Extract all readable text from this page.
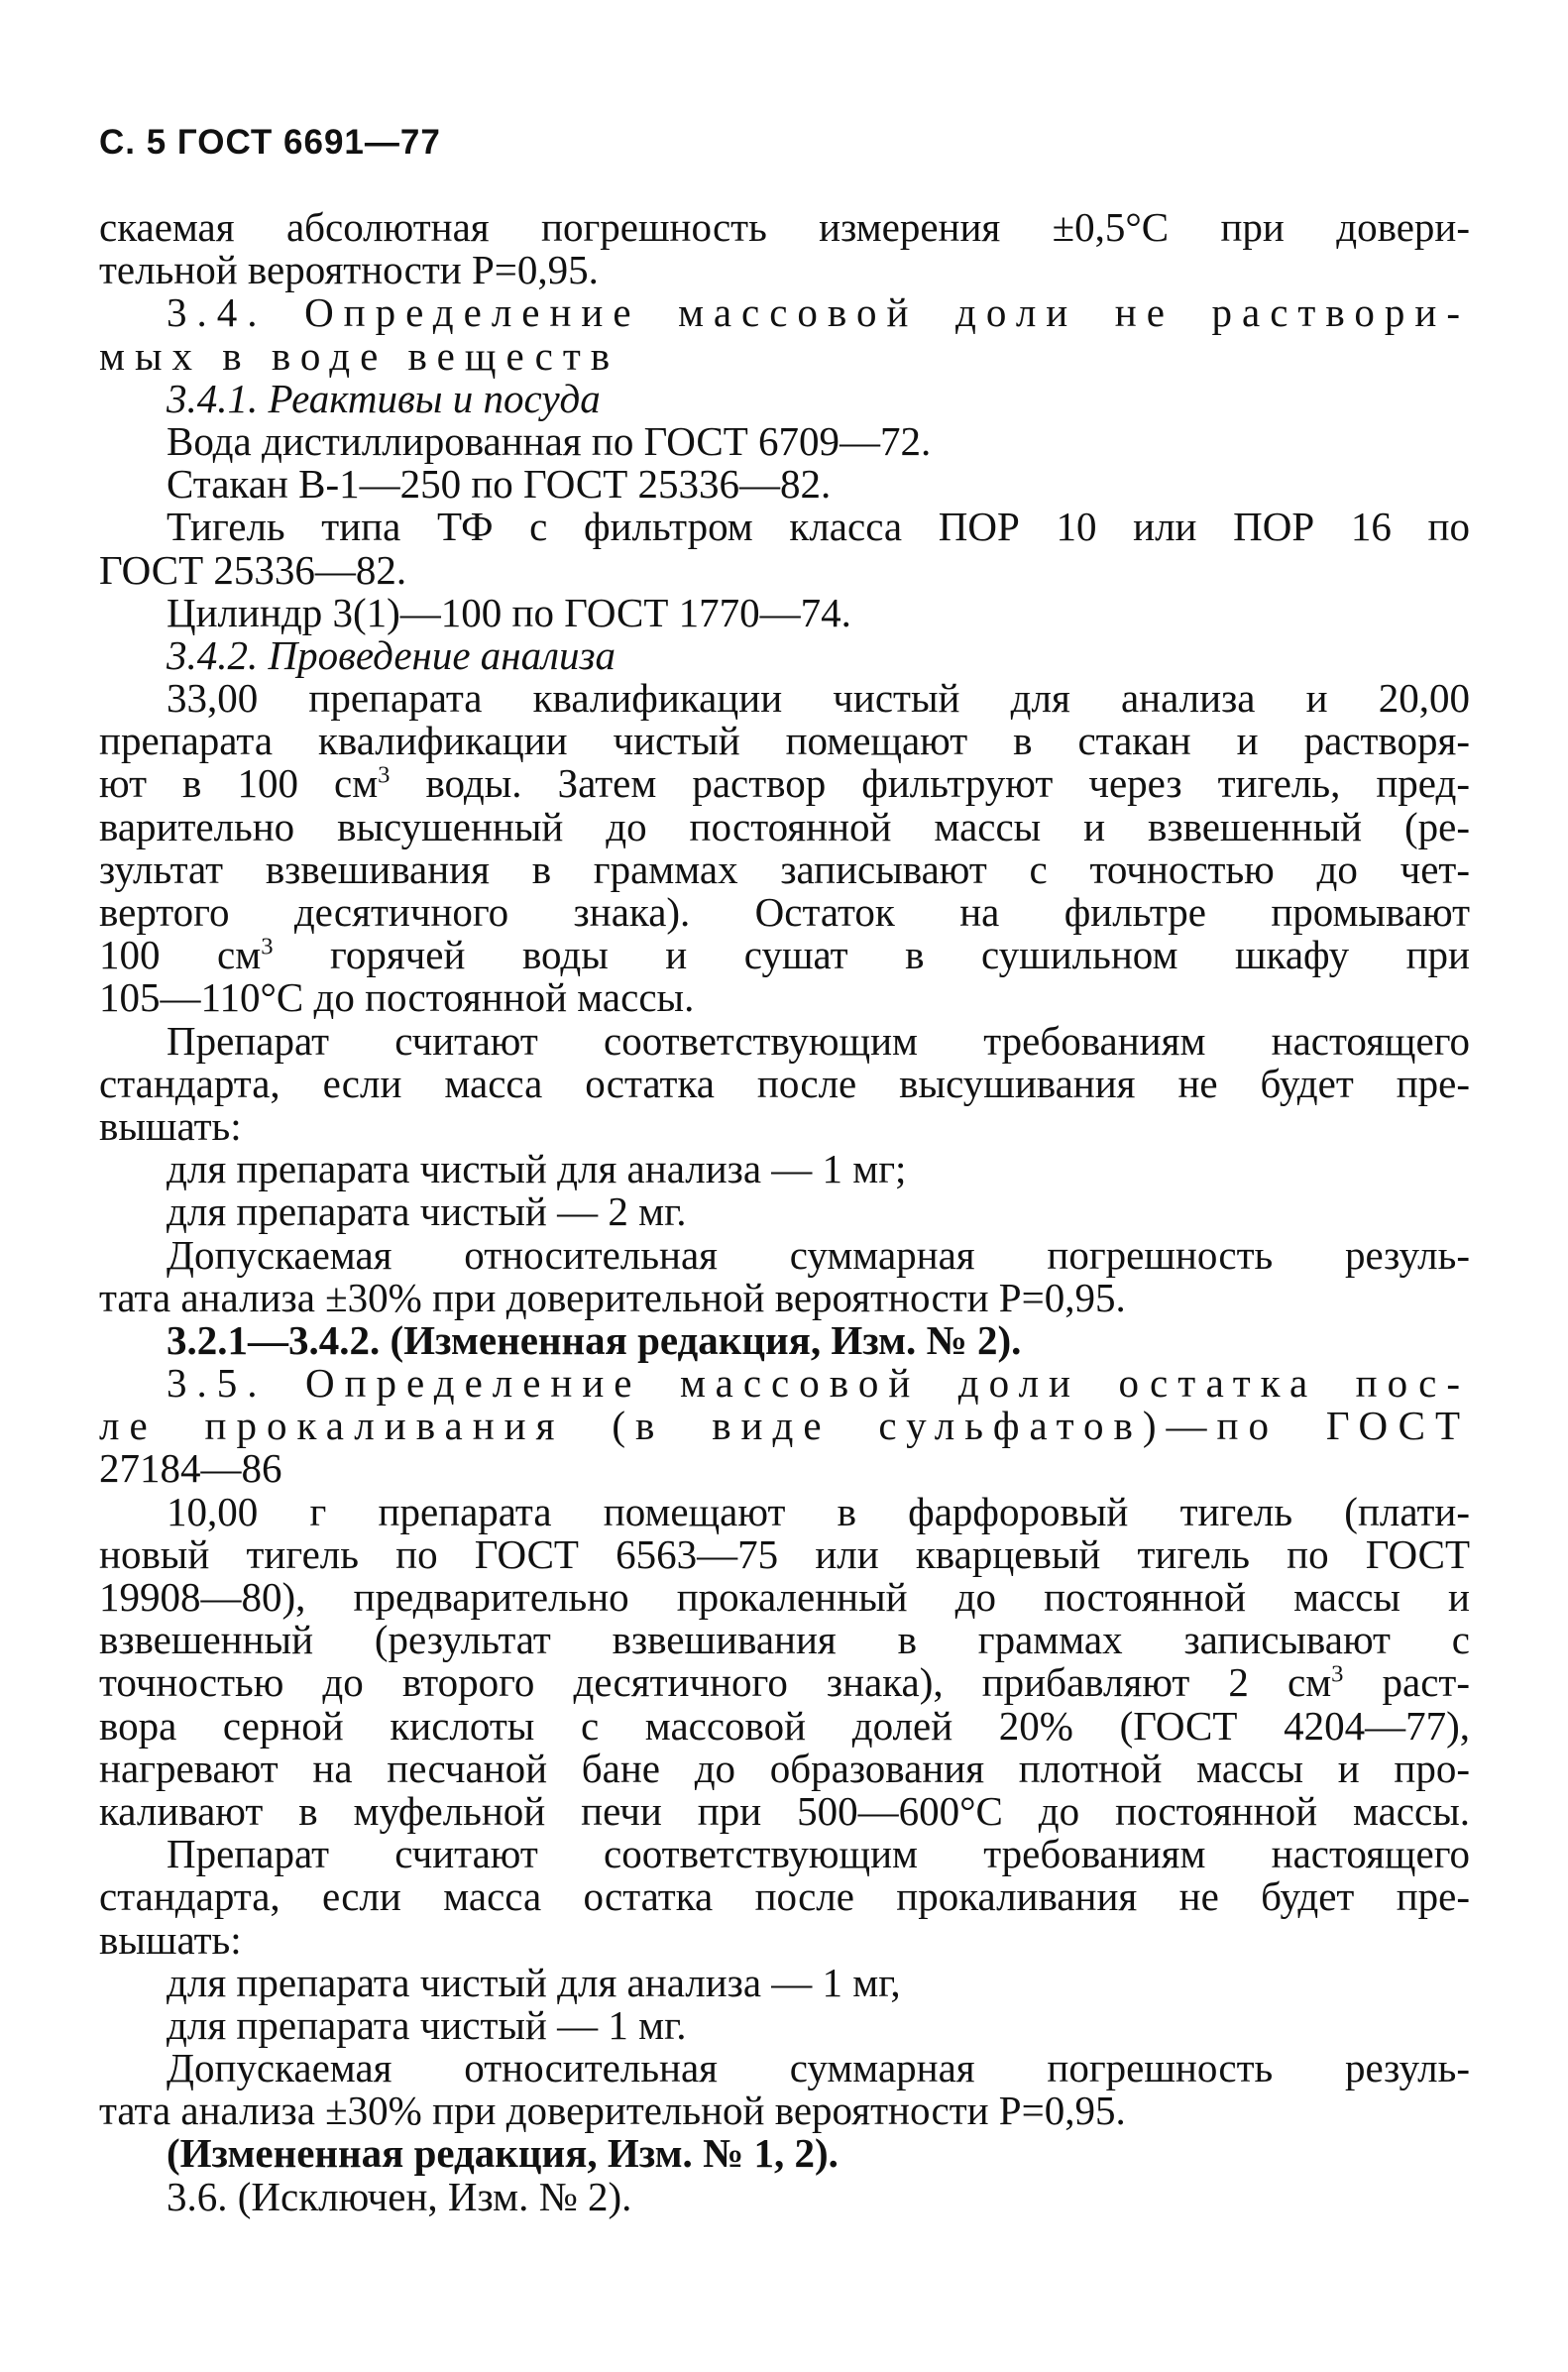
С. 5 ГОСТ 6691—77
скаемая абсолютная погрешность измерения ±0,5°С при довери-
тельной вероятности Р=0,95.
3.4. Определение массовой доли не раствори-
мых в воде веществ
3.4.1. Реактивы и посуда
Вода дистиллированная по ГОСТ 6709—72.
Стакан В-1—250 по ГОСТ 25336—82.
Тигель типа ТФ с фильтром класса ПОР 10 или ПОР 16 по
ГОСТ 25336—82.
Цилиндр 3(1)—100 по ГОСТ 1770—74.
3.4.2. Проведение анализа
33,00 препарата квалификации чистый для анализа и 20,00
препарата квалификации чистый помещают в стакан и растворя-
ют в 100 $см^3$ воды. Затем раствор фильтруют через тигель, пред-
варительно высушенный до постоянной массы и взвешенный (ре-
зультат взвешивания в граммах записывают с точностью до чет-
вертого десятичного знака). Остаток на фильтре промывают
100 $см^3$ горячей воды и сушат в сушильном шкафу при
105—110°С до постоянной массы.
Препарат считают соответствующим требованиям настоящего
стандарта, если масса остатка после высушивания не будет пре-
вышать:
для препарата чистый для анализа — 1 мг;
для препарата чистый — 2 мг.
Допускаемая относительная суммарная погрешность резуль-
тата анализа ±30% при доверительной вероятности Р=0,95.
3.2.1—3.4.2. (Измененная редакция, Изм. № 2).
3.5. Определение массовой доли остатка пос-
ле прокаливания (в виде сульфатов)—по ГОСТ
27184—86
10,00 г препарата помещают в фарфоровый тигель (плати-
новый тигель по ГОСТ 6563—75 или кварцевый тигель по ГОСТ
19908—80), предварительно прокаленный до постоянной массы и
взвешенный (результат взвешивания в граммах записывают с
точностью до второго десятичного знака), прибавляют 2 $см^3$ раст-
вора серной кислоты с массовой долей 20% (ГОСТ 4204—77),
нагревают на песчаной бане до образования плотной массы и про-
каливают в муфельной печи при 500—600°С до постоянной массы.
Препарат считают соответствующим требованиям настоящего
стандарта, если масса остатка после прокаливания не будет пре-
вышать:
для препарата чистый для анализа — 1 мг,
для препарата чистый — 1 мг.
Допускаемая относительная суммарная погрешность резуль-
тата анализа ±30% при доверительной вероятности Р=0,95.
(Измененная редакция, Изм. № 1, 2).
3.6. (Исключен, Изм. № 2).
